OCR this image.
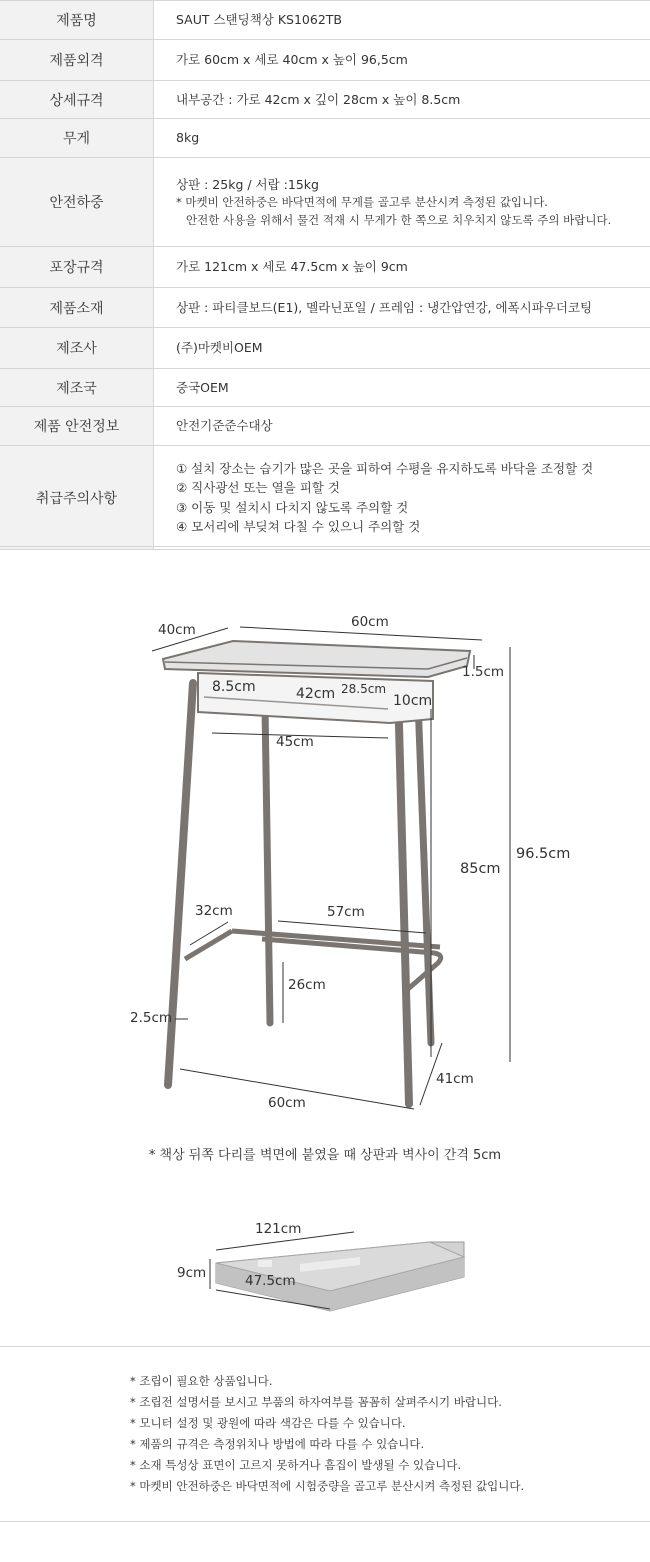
제품명	SAUT 스탠딩책상 KS1062TB
제품외격	가로 60cm x 세로 40cm x 높이 96,5cm
상세규격	내부공간 : 가로 42cm x 깊이 28cm x 높이 8.5cm
무게	8kg
안전하중
상판 : 25kg / 서랍 :15kg
* 마켓비 안전하중은 바닥면적에 무게를 골고루 분산시켜 측정된 값입니다.
안전한 사용을 위해서 물건 적재 시 무게가 한 쪽으로 치우치지 않도록 주의 바랍니다.
포장규격	가로 121cm x 세로 47.5cm x 높이 9cm
제품소재	상판 : 파티클보드(E1), 멜라닌포일 / 프레임 : 냉간압연강, 에폭시파우더코팅
제조사	(주)마켓비OEM
제조국	중국OEM
제품 안전정보	안전기준준수대상
취급주의사항
① 설치 장소는 습기가 많은 곳을 피하여 수평을 유지하도록 바닥을 조정할 것
② 직사광선 또는 열을 피할 것
③ 이동 및 설치시 다치지 않도록 주의할 것
④ 모서리에 부딪쳐 다칠 수 있으니 주의할 것
40cm	60cm
1.5cm
8.5cm	42cm 28.5cm
10cm
45cm
85cm
96.5cm
32cm	57cm
26cm
2.5cm
60cm
41cm
* 책상 뒤쪽 다리를 벽면에 붙였을 때 상판과 벽사이 간격 5cm
121cm
9cm	47.5cm
* 조립이 필요한 상품입니다.
* 조립전 설명서를 보시고 부품의 하자여부를 꼼꼼히 살펴주시기 바랍니다.
* 모니터 설정 및 광원에 따라 색감은 다를 수 있습니다.
* 제품의 규격은 측정위치나 방법에 따라 다를 수 있습니다.
* 소재 특성상 표면이 고르지 못하거나 흠집이 발생될 수 있습니다.
* 마켓비 안전하중은 바닥면적에 시험중량을 골고루 분산시켜 측정된 값입니다.
